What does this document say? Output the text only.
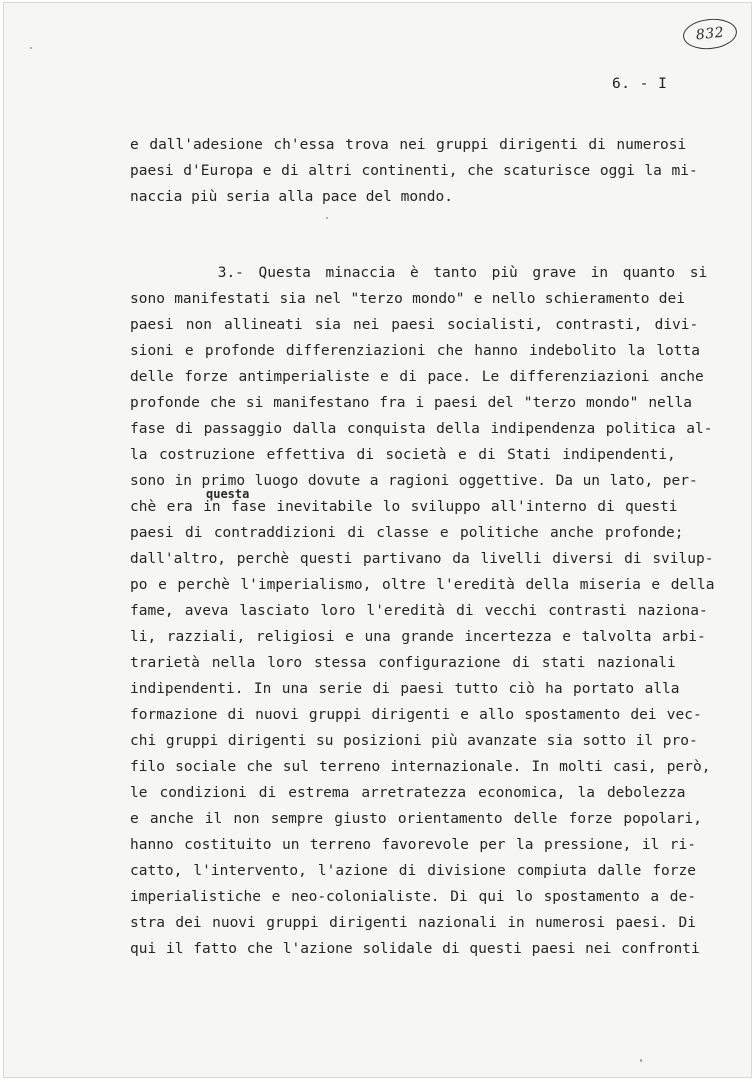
832
6. - I
e dall'adesione ch'essa trova nei gruppi dirigenti di numerosi
paesi d'Europa e di altri continenti, che scaturisce oggi la mi-
naccia più seria alla pace del mondo.
3.- Questa minaccia è tanto più grave in quanto si
sono manifestati sia nel "terzo mondo" e nello schieramento dei
paesi non allineati sia nei paesi socialisti, contrasti, divi-
sioni e profonde differenziazioni che hanno indebolito la lotta
delle forze antimperialiste e di pace. Le differenziazioni anche
profonde che si manifestano fra i paesi del "terzo mondo" nella
fase di passaggio dalla conquista della indipendenza politica al-
la costruzione effettiva di società e di Stati indipendenti,
sono in primo luogo dovute a ragioni oggettive. Da un lato, per-
questa
chè era in fase inevitabile lo sviluppo all'interno di questi
paesi di contraddizioni di classe e politiche anche profonde;
dall'altro, perchè questi partivano da livelli diversi di svilup-
po e perchè l'imperialismo, oltre l'eredità della miseria e della
fame, aveva lasciato loro l'eredità di vecchi contrasti naziona-
li, razziali, religiosi e una grande incertezza e talvolta arbi-
trarietà nella loro stessa configurazione di stati nazionali
indipendenti. In una serie di paesi tutto ciò ha portato alla
formazione di nuovi gruppi dirigenti e allo spostamento dei vec-
chi gruppi dirigenti su posizioni più avanzate sia sotto il pro-
filo sociale che sul terreno internazionale. In molti casi, però,
le condizioni di estrema arretratezza economica, la debolezza
e anche il non sempre giusto orientamento delle forze popolari,
hanno costituito un terreno favorevole per la pressione, il ri-
catto, l'intervento, l'azione di divisione compiuta dalle forze
imperialistiche e neo-colonialiste. Di qui lo spostamento a de-
stra dei nuovi gruppi dirigenti nazionali in numerosi paesi. Di
qui il fatto che l'azione solidale di questi paesi nei confronti
